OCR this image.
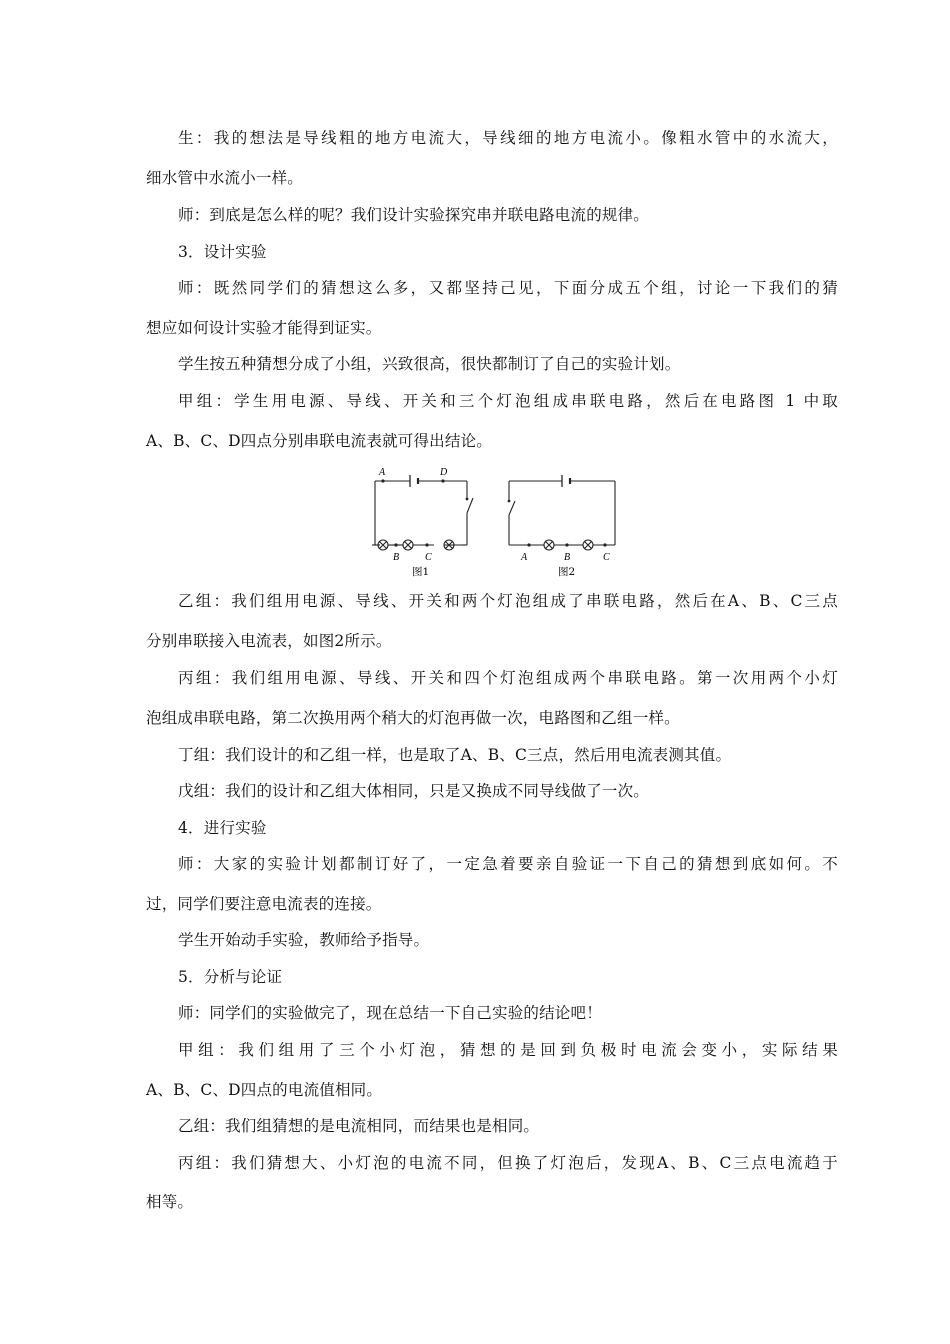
生：我的想法是导线粗的地方电流大，导线细的地方电流小。像粗水管中的水流大，
细水管中水流小一样。
师：到底是怎么样的呢？我们设计实验探究串并联电路电流的规律。
3．设计实验
师：既然同学们的猜想这么多，又都坚持己见，下面分成五个组，讨论一下我们的猜
想应如何设计实验才能得到证实。
学生按五种猜想分成了小组，兴致很高，很快都制订了自己的实验计划。
甲组：学生用电源、导线、开关和三个灯泡组成串联电路，然后在电路图 1 中取
A、B、C、D四点分别串联电流表就可得出结论。
A	D
B	C	A	B	C
图1	图2
乙组：我们组用电源、导线、开关和两个灯泡组成了串联电路，然后在A、B、C三点
分别串联接入电流表，如图2所示。
丙组：我们组用电源、导线、开关和四个灯泡组成两个串联电路。第一次用两个小灯
泡组成串联电路，第二次换用两个稍大的灯泡再做一次，电路图和乙组一样。
丁组：我们设计的和乙组一样，也是取了A、B、C三点，然后用电流表测其值。
戊组：我们的设计和乙组大体相同，只是又换成不同导线做了一次。
4．进行实验
师：大家的实验计划都制订好了，一定急着要亲自验证一下自己的猜想到底如何。不
过，同学们要注意电流表的连接。
学生开始动手实验，教师给予指导。
5．分析与论证
师：同学们的实验做完了，现在总结一下自己实验的结论吧！
甲组：我们组用了三个小灯泡，猜想的是回到负极时电流会变小，实际结果
A、B、C、D四点的电流值相同。
乙组：我们组猜想的是电流相同，而结果也是相同。
丙组：我们猜想大、小灯泡的电流不同，但换了灯泡后，发现A、B、C三点电流趋于
相等。
